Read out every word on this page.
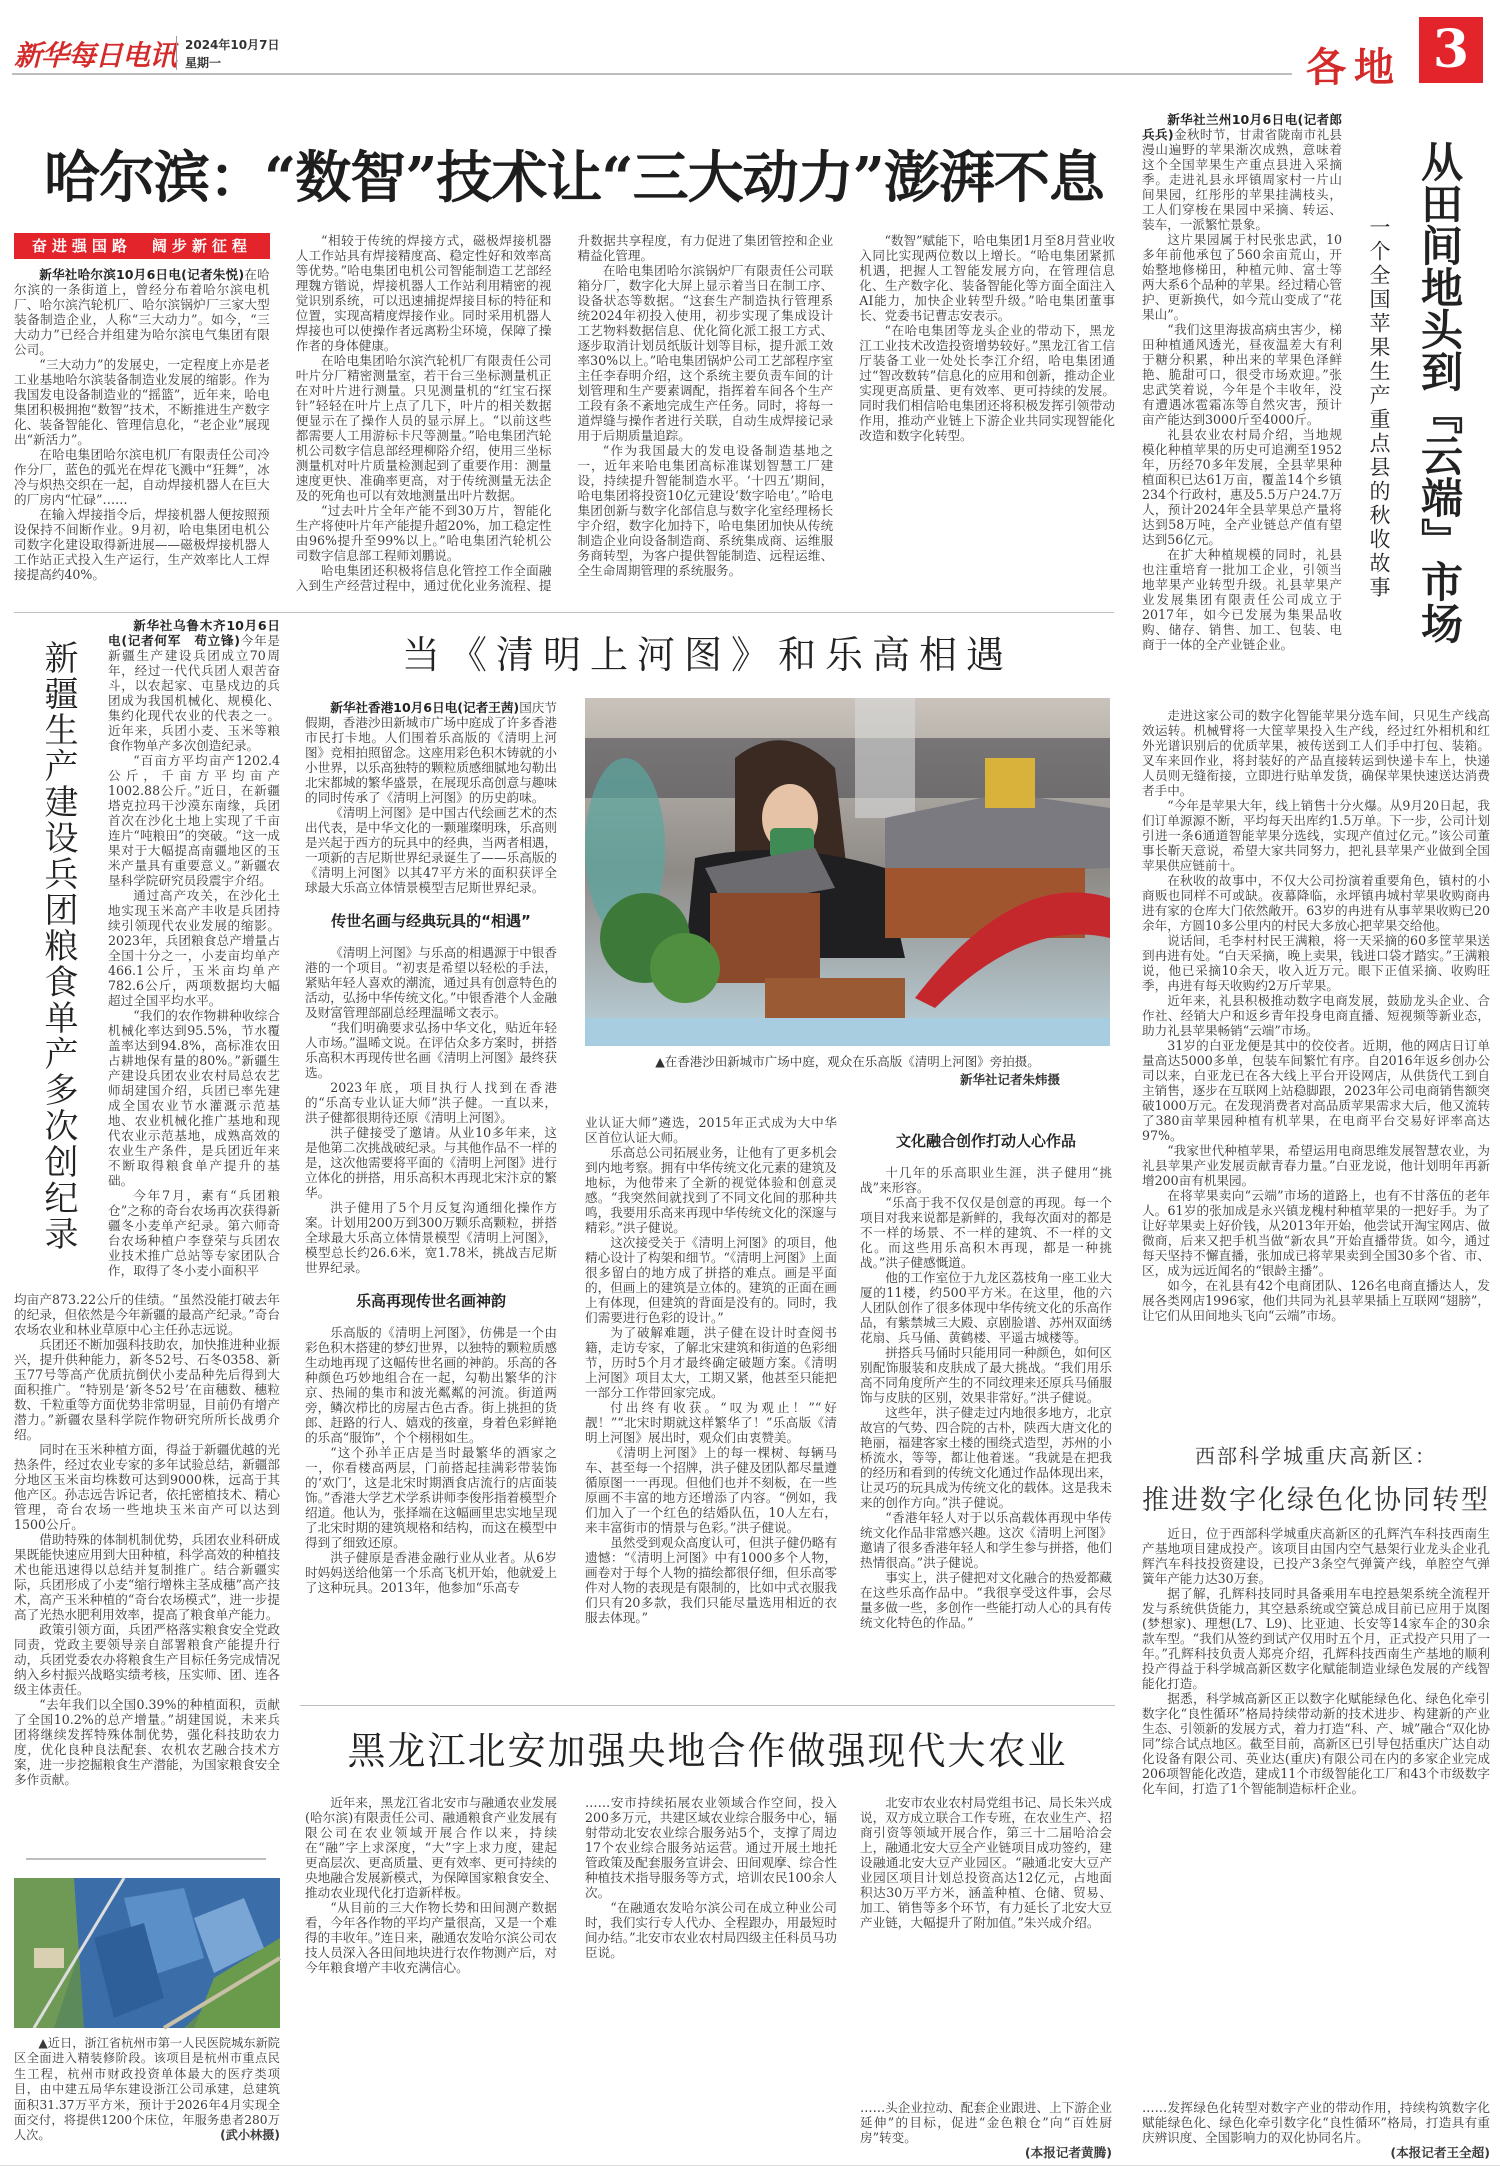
新华每日电讯 2024年10月7日
星期一	各地 3
哈尔滨：“数智”技术让“三大动力”澎湃不息
奋进强国路　阔步新征程

新华社哈尔滨10月6日电(记者朱悦)在哈尔滨的一条街道上，曾经分布着哈尔滨电机厂、哈尔滨汽轮机厂、哈尔滨锅炉厂三家大型装备制造企业，人称“三大动力”。如今，“三大动力”已经合并组建为哈尔滨电气集团有限公司。

“三大动力”的发展史，一定程度上亦是老工业基地哈尔滨装备制造业发展的缩影。作为我国发电设备制造业的“摇篮”，近年来，哈电集团积极拥抱“数智”技术，不断推进生产数字化、装备智能化、管理信息化，“老企业”展现出“新活力”。

在哈电集团哈尔滨电机厂有限责任公司冷作分厂，蓝色的弧光在焊花飞溅中“狂舞”，冰冷与炽热交织在一起，自动焊接机器人在巨大的厂房内“忙碌”……

在输入焊接指令后，焊接机器人便按照预设保持不间断作业。9月初，哈电集团电机公司数字化建设取得新进展——磁极焊接机器人工作站正式投入生产运行，生产效率比人工焊接提高约40%。

“相较于传统的焊接方式，磁极焊接机器人工作站具有焊接精度高、稳定性好和效率高等优势。”哈电集团电机公司智能制造工艺部经理魏方锴说，焊接机器人工作站利用精密的视觉识别系统，可以迅速捕捉焊接目标的特征和位置，实现高精度焊接作业。同时采用机器人焊接也可以使操作者远离粉尘环境，保障了操作者的身体健康。

在哈电集团哈尔滨汽轮机厂有限责任公司叶片分厂精密测量室，若干台三坐标测量机正在对叶片进行测量。只见测量机的“红宝石探针”轻轻在叶片上点了几下，叶片的相关数据便显示在了操作人员的显示屏上。“以前这些都需要人工用游标卡尺等测量。”哈电集团汽轮机公司数字信息部经理柳䧍介绍，使用三坐标测量机对叶片质量检测起到了重要作用：测量速度更快、准确率更高，对于传统测量无法企及的死角也可以有效地测量出叶片数据。

“过去叶片全年产能不到30万片，智能化生产将使叶片年产能提升超20%，加工稳定性由96%提升至99%以上。”哈电集团汽轮机公司数字信息部工程师刘鹏说。

哈电集团还积极将信息化管控工作全面融入到生产经营过程中，通过优化业务流程、提升数据共享程度，有力促进了集团管控和企业精益化管理。

在哈电集团哈尔滨锅炉厂有限责任公司联箱分厂，数字化大屏上显示着当日在制工序、设备状态等数据。“这套生产制造执行管理系统2024年初投入使用，初步实现了集成设计工艺物料数据信息、优化简化派工报工方式、逐步取消计划员纸版计划等目标，提升派工效率30%以上。”哈电集团锅炉公司工艺部程序室主任李春明介绍，这个系统主要负责车间的计划管理和生产要素调配，指挥着车间各个生产工段有条不紊地完成生产任务。同时，将每一道焊缝与操作者进行关联，自动生成焊接记录用于后期质量追踪。

“作为我国最大的发电设备制造基地之一，近年来哈电集团高标准谋划智慧工厂建设，持续提升智能制造水平。‘十四五’期间，哈电集团将投资10亿元建设‘数字哈电’。”哈电集团创新与数字化部信息与数字化室经理杨长宇介绍，数字化加持下，哈电集团加快从传统制造企业向设备制造商、系统集成商、运维服务商转型，为客户提供智能制造、远程运维、全生命周期管理的系统服务。

“数智”赋能下，哈电集团1月至8月营业收入同比实现两位数以上增长。“哈电集团紧抓机遇，把握人工智能发展方向，在管理信息化、生产数字化、装备智能化等方面全面注入AI能力，加快企业转型升级。”哈电集团董事长、党委书记曹志安表示。

“在哈电集团等龙头企业的带动下，黑龙江工业技术改造投资增势较好。”黑龙江省工信厅装备工业一处处长李江介绍，哈电集团通过“智改数转”信息化的应用和创新，推动企业实现更高质量、更有效率、更可持续的发展。同时我们相信哈电集团还将积极发挥引领带动作用，推动产业链上下游企业共同实现智能化改造和数字化转型。

新疆生产建设兵团粮食单产多次创纪录

新华社乌鲁木齐10月6日电(记者何军　苟立锋)今年是新疆生产建设兵团成立70周年，经过一代代兵团人艰苦奋斗，以农起家、屯垦戍边的兵团成为我国机械化、规模化、集约化现代农业的代表之一。近年来，兵团小麦、玉米等粮食作物单产多次创造纪录。

“百亩方平均亩产1202.4公斤，千亩方平均亩产1002.88公斤。”近日，在新疆塔克拉玛干沙漠东南缘，兵团首次在沙化土地上实现了千亩连片“吨粮田”的突破。“这一成果对于大幅提高南疆地区的玉米产量具有重要意义。”新疆农垦科学院研究员段震宇介绍。

通过高产攻关，在沙化土地实现玉米高产丰收是兵团持续引领现代农业发展的缩影。2023年，兵团粮食总产增量占全国十分之一，小麦亩均单产466.1公斤，玉米亩均单产782.6公斤，两项数据均大幅超过全国平均水平。

“我们的农作物耕种收综合机械化率达到95.5%，节水覆盖率达到94.8%，高标准农田占耕地保有量的80%。”新疆生产建设兵团农业农村局总农艺师胡建国介绍，兵团已率先建成全国农业节水灌溉示范基地、农业机械化推广基地和现代农业示范基地，成熟高效的农业生产条件，是兵团近年来不断取得粮食单产提升的基础。

今年7月，素有“兵团粮仓”之称的奇台农场再次获得新疆冬小麦单产纪录。第六师奇台农场种植户李登荣与兵团农业技术推广总站等专家团队合作，取得了冬小麦小面积平

均亩产873.22公斤的佳绩。“虽然没能打破去年的纪录，但依然是今年新疆的最高产纪录。”奇台农场农业和林业草原中心主任孙志远说。

兵团还不断加强科技助农，加快推进种业振兴，提升供种能力，新冬52号、石冬0358、新玉77号等高产优质抗倒伏小麦品种先后得到大面积推广。“特别是‘新冬52号’在亩穗数、穗粒数、千粒重等方面优势非常明显，目前仍有增产潜力。”新疆农垦科学院作物研究所所长战勇介绍。

同时在玉米种植方面，得益于新疆优越的光热条件，经过农业专家的多年试验总结，新疆部分地区玉米亩均株数可达到9000株，远高于其他产区。孙志远告诉记者，依托密植技术、精心管理，奇台农场一些地块玉米亩产可以达到1500公斤。

借助特殊的体制机制优势，兵团农业科研成果既能快速应用到大田种植，科学高效的种植技术也能迅速得以总结并复制推广。结合新疆实际，兵团形成了小麦“缩行增株主茎成穗”高产技术，高产玉米种植的“奇台农场模式”，进一步提高了光热水肥利用效率，提高了粮食单产能力。

政策引领方面，兵团严格落实粮食安全党政同责，党政主要领导亲自部署粮食产能提升行动，兵团党委农办将粮食生产目标任务完成情况纳入乡村振兴战略实绩考核，压实师、团、连各级主体责任。

“去年我们以全国0.39%的种植面积，贡献了全国10.2%的总产增量。”胡建国说，未来兵团将继续发挥特殊体制优势，强化科技助农力度，优化良种良法配套、农机农艺融合技术方案，进一步挖掘粮食生产潜能，为国家粮食安全多作贡献。

▲近日，浙江省杭州市第一人民医院城东新院区全面进入精装修阶段。该项目是杭州市重点民生工程，杭州市财政投资单体最大的医疗类项目，由中建五局华东建设浙江公司承建，总建筑面积31.37万平方米，预计于2026年4月实现全面交付，将提供1200个床位，年服务患者280万人次。	(武小林摄)
当《清明上河图》和乐高相遇

新华社香港10月6日电(记者王茜)国庆节假期，香港沙田新城市广场中庭成了许多香港市民打卡地。人们围着乐高版的《清明上河图》竞相拍照留念。这座用彩色积木铸就的小小世界，以乐高独特的颗粒质感细腻地勾勒出北宋都城的繁华盛景，在展现乐高创意与趣味的同时传承了《清明上河图》的历史韵味。

《清明上河图》是中国古代绘画艺术的杰出代表，是中华文化的一颗璀璨明珠，乐高则是兴起于西方的玩具中的经典，当两者相遇，一项新的吉尼斯世界纪录诞生了——乐高版的《清明上河图》以其47平方米的面积获评全球最大乐高立体情景模型吉尼斯世界纪录。

传世名画与经典玩具的“相遇”

《清明上河图》与乐高的相遇源于中银香港的一个项目。“初衷是希望以轻松的手法，紧贴年轻人喜欢的潮流，通过具有创意特色的活动，弘扬中华传统文化。”中银香港个人金融及财富管理部副总经理温晞文表示。

“我们明确要求弘扬中华文化，贴近年轻人市场。”温晞文说。在评估众多方案时，拼搭乐高积木再现传世名画《清明上河图》最终获选。

2023年底，项目执行人找到在香港的“乐高专业认证大师”洪子健。一直以来，洪子健都很期待还原《清明上河图》。

洪子健接受了邀请。从业10多年来，这是他第二次挑战破纪录。与其他作品不一样的是，这次他需要将平面的《清明上河图》进行立体化的拼搭，用乐高积木再现北宋汴京的繁华。

洪子健用了5个月反复沟通细化操作方案。计划用200万到300万颗乐高颗粒，拼搭全球最大乐高立体情景模型《清明上河图》，模型总长约26.6米，宽1.78米，挑战吉尼斯世界纪录。

乐高再现传世名画神韵

乐高版的《清明上河图》，仿佛是一个由彩色积木搭建的梦幻世界，以独特的颗粒质感生动地再现了这幅传世名画的神韵。乐高的各种颜色巧妙地组合在一起，勾勒出繁华的汴京、热闹的集市和波光粼粼的河流。街道两旁，鳞次栉比的房屋古色古香。街上挑担的货郎、赶路的行人、嬉戏的孩童，身着色彩鲜艳的乐高“服饰”，个个栩栩如生。

“这个孙羊正店是当时最繁华的酒家之一，你看楼高两层，门前搭起挂满彩带装饰的‘欢门’，这是北宋时期酒食店流行的店面装饰。”香港大学艺术学系讲师李俊彤指着模型介绍道。他认为，张择端在这幅画里忠实地呈现了北宋时期的建筑规格和结构，而这在模型中得到了细致还原。

洪子健原是香港金融行业从业者。从6岁时妈妈送给他第一个乐高飞机开始，他就爱上了这种玩具。2013年，他参加“乐高专

▲在香港沙田新城市广场中庭，观众在乐高版《清明上河图》旁拍摄。
新华社记者朱炜摄

业认证大师”遴选，2015年正式成为大中华区首位认证大师。

乐高总公司拓展业务，让他有了更多机会到内地考察。拥有中华传统文化元素的建筑及地标，为他带来了全新的视觉体验和创意灵感。“我突然间就找到了不同文化间的那种共鸣，我要用乐高来再现中华传统文化的深邃与精彩。”洪子健说。

这次接受关于《清明上河图》的项目，他精心设计了构架和细节。“《清明上河图》上面很多留白的地方成了拼搭的难点。画是平面的，但画上的建筑是立体的。建筑的正面在画上有体现，但建筑的背面是没有的。同时，我们需要进行色彩的设计。”

为了破解难题，洪子健在设计时查阅书籍，走访专家，了解北宋建筑和街道的色彩细节，历时5个月才最终确定破题方案。《清明上河图》项目太大，工期又紧，他甚至只能把一部分工作带回家完成。

付出终有收获。“叹为观止！”“好靓！”“北宋时期就这样繁华了！”乐高版《清明上河图》展出时，观众们由衷赞美。

《清明上河图》上的每一棵树、每辆马车、甚至每一个招牌，洪子健及团队都尽量遵循原图一一再现。但他们也并不刻板，在一些原画不丰富的地方还增添了内容。“例如，我们加入了一个红色的结婚队伍，10人左右，来丰富街市的情景与色彩。”洪子健说。

虽然受到观众高度认可，但洪子健仍略有遗憾：“《清明上河图》中有1000多个人物，画卷对于每个人物的描绘都很仔细，但乐高零件对人物的表现是有限制的，比如中式衣服我们只有20多款，我们只能尽量选用相近的衣服去体现。”

文化融合创作打动人心作品

十几年的乐高职业生涯，洪子健用“挑战”来形容。

“乐高于我不仅仅是创意的再现。每一个项目对我来说都是新鲜的，我每次面对的都是不一样的场景、不一样的建筑、不一样的文化。而这些用乐高积木再现，都是一种挑战。”洪子健感慨道。

他的工作室位于九龙区荔枝角一座工业大厦的11楼，约500平方米。在这里，他的六人团队创作了很多体现中华传统文化的乐高作品，有紫禁城三大殿、京剧脸谱、苏州双面绣花扇、兵马俑、黄鹤楼、平遥古城楼等。

拼搭兵马俑时只能用同一种颜色，如何区别配饰服装和皮肤成了最大挑战。“我们用乐高不同角度所产生的不同纹理来还原兵马俑服饰与皮肤的区别，效果非常好。”洪子健说。

这些年，洪子健走过内地很多地方，北京故宫的气势、四合院的古朴，陕西大唐文化的艳丽，福建客家土楼的围绕式造型，苏州的小桥流水，等等，都让他着迷。“我就是在把我的经历和看到的传统文化通过作品体现出来，让灵巧的玩具成为传统文化的载体。这是我未来的创作方向。”洪子健说。

“香港年轻人对于以乐高载体再现中华传统文化作品非常感兴趣。这次《清明上河图》邀请了很多香港年轻人和学生参与拼搭，他们热情很高。”洪子健说。

事实上，洪子健把对文化融合的热爱都藏在这些乐高作品中。“我很享受这件事，会尽量多做一些，多创作一些能打动人心的具有传统文化特色的作品。”

从田间地头到『云端』市场
一个全国苹果生产重点县的秋收故事

新华社兰州10月6日电(记者郎兵兵)金秋时节，甘肃省陇南市礼县漫山遍野的苹果渐次成熟，意味着这个全国苹果生产重点县进入采摘季。走进礼县永坪镇周家村一片山间果园，红彤彤的苹果挂满枝头，工人们穿梭在果园中采摘、转运、装车，一派繁忙景象。

这片果园属于村民张忠武，10多年前他承包了560余亩荒山，开始整地修梯田，种植元帅、富士等两大系6个品种的苹果。经过精心管护、更新换代，如今荒山变成了“花果山”。

“我们这里海拔高病虫害少，梯田种植通风透光，昼夜温差大有利于糖分积累，种出来的苹果色泽鲜艳、脆甜可口，很受市场欢迎。”张忠武笑着说，今年是个丰收年，没有遭遇冰雹霜冻等自然灾害，预计亩产能达到3000斤至4000斤。

礼县农业农村局介绍，当地规模化种植苹果的历史可追溯至1952年，历经70多年发展，全县苹果种植面积已达61万亩，覆盖14个乡镇234个行政村，惠及5.5万户24.7万人，预计2024年全县苹果总产量将达到58万吨，全产业链总产值有望达到56亿元。

在扩大种植规模的同时，礼县也注重培育一批加工企业，引领当地苹果产业转型升级。礼县苹果产业发展集团有限责任公司成立于2017年，如今已发展为集果品收购、储存、销售、加工、包装、电商于一体的全产业链企业。

走进这家公司的数字化智能苹果分选车间，只见生产线高效运转。机械臂将一大筐苹果投入生产线，经过红外相机和红外光谱识别后的优质苹果，被传送到工人们手中打包、装箱。叉车来回作业，将封装好的产品直接转运到快递卡车上，快递人员则无缝衔接，立即进行贴单发货，确保苹果快速送达消费者手中。

“今年是苹果大年，线上销售十分火爆。从9月20日起，我们订单源源不断，平均每天出库约1.5万单。下一步，公司计划引进一条6通道智能苹果分选线，实现产值过亿元。”该公司董事长靳天意说，希望大家共同努力，把礼县苹果产业做到全国苹果供应链前十。

在秋收的故事中，不仅大公司扮演着重要角色，镇村的小商贩也同样不可或缺。夜幕降临，永坪镇冉城村苹果收购商冉进有家的仓库大门依然敞开。63岁的冉进有从事苹果收购已20余年，方圆10多公里内的村民大多放心把苹果交给他。

说话间，毛李村村民王满粮，将一天采摘的60多筐苹果送到冉进有处。“白天采摘，晚上卖果，钱进口袋才踏实。”王满粮说，他已采摘10余天，收入近万元。眼下正值采摘、收购旺季，冉进有每天收购约2万斤苹果。

近年来，礼县积极推动数字电商发展，鼓励龙头企业、合作社、经销大户和返乡青年投身电商直播、短视频等新业态，助力礼县苹果畅销“云端”市场。

31岁的白亚龙便是其中的佼佼者。近期，他的网店日订单量高达5000多单，包装车间繁忙有序。自2016年返乡创办公司以来，白亚龙已在各大线上平台开设网店，从供货代工到自主销售，逐步在互联网上站稳脚跟，2023年公司电商销售额突破1000万元。在发现消费者对高品质苹果需求大后，他又流转了380亩苹果园种植有机苹果，在电商平台交易好评率高达97%。

“我家世代种植苹果，希望运用电商思维发展智慧农业，为礼县苹果产业发展贡献青春力量。”白亚龙说，他计划明年再新增200亩有机果园。

在将苹果卖向“云端”市场的道路上，也有不甘落伍的老年人。61岁的张加成是永兴镇龙槐村种植苹果的一把好手。为了让好苹果卖上好价钱，从2013年开始，他尝试开淘宝网店、做微商，后来又把手机当做“新农具”开始直播带货。如今，通过每天坚持不懈直播，张加成已将苹果卖到全国30多个省、市、区，成为远近闻名的“银龄主播”。

如今，在礼县有42个电商团队、126名电商直播达人，发展各类网店1996家，他们共同为礼县苹果插上互联网“翅膀”，让它们从田间地头飞向“云端”市场。

西部科学城重庆高新区：
推进数字化绿色化协同转型

近日，位于西部科学城重庆高新区的孔辉汽车科技西南生产基地项目建成投产。该项目由国内空气悬架行业龙头企业孔辉汽车科技投资建设，已投产3条空气弹簧产线，单腔空气弹簧年产能力达30万套。

据了解，孔辉科技同时具备乘用车电控悬架系统全流程开发与系统供货能力，其空悬系统或空簧总成目前已应用于岚图(梦想家)、理想(L7、L9)、比亚迪、长安等14家车企的30余款车型。“我们从签约到试产仅用时五个月，正式投产只用了一年。”孔辉科技负责人郑亮介绍，孔辉科技西南生产基地的顺利投产得益于科学城高新区数字化赋能制造业绿色发展的产线智能化打造。

据悉，科学城高新区正以数字化赋能绿色化、绿色化牵引数字化“良性循环”格局持续带动新的技术进步、构建新的产业生态、引领新的发展方式，着力打造“科、产、城”融合“双化协同”综合试点地区。截至目前，高新区已引导包括重庆广达自动化设备有限公司、英业达(重庆)有限公司在内的多家企业完成206项智能化改造，建成11个市级智能化工厂和43个市级数字化车间，打造了1个智能制造标杆企业。

……发挥绿色化转型对数字产业的带动作用，持续构筑数字化赋能绿色化、绿色化牵引数字化“良性循环”格局，打造具有重庆辨识度、全国影响力的双化协同名片。

(本报记者王全超)

黑龙江北安加强央地合作做强现代大农业

近年来，黑龙江省北安市与融通农业发展(哈尔滨)有限责任公司、融通粮食产业发展有限公司在农业领域开展合作以来，持续在“融”字上求深度，“大”字上求力度，建起更高层次、更高质量、更有效率、更可持续的央地融合发展新模式，为保障国家粮食安全、推动农业现代化打造新样板。

“从目前的三大作物长势和田间测产数据看，今年各作物的平均产量很高，又是一个难得的丰收年。”连日来，融通农发哈尔滨公司农技人员深入各田间地块进行农作物测产后，对今年粮食增产丰收充满信心。

……安市持续拓展农业领域合作空间，投入200多万元，共建区域农业综合服务中心，辐射带动北安农业综合服务站5个，支撑了周边17个农业综合服务站运营。通过开展土地托管政策及配套服务宣讲会、田间观摩、综合性种植技术指导服务等方式，培训农民100余人次。

“在融通农发哈尔滨公司在成立种业公司时，我们实行专人代办、全程跟办，用最短时间办结。”北安市农业农村局四级主任科员马功臣说。

北安市农业农村局党组书记、局长朱兴成说，双方成立联合工作专班，在农业生产、招商引资等领域开展合作，第三十二届哈洽会上，融通北安大豆全产业链项目成功签约，建设融通北安大豆产业园区。“融通北安大豆产业园区项目计划总投资高达12亿元，占地面积达30万平方米，涵盖种植、仓储、贸易、加工、销售等多个环节，有力延长了北安大豆产业链，大幅提升了附加值。”朱兴成介绍。

……头企业拉动、配套企业跟进、上下游企业延伸”的目标，促进“金色粮仓”向“百姓厨房”转变。

(本报记者黄腾)
